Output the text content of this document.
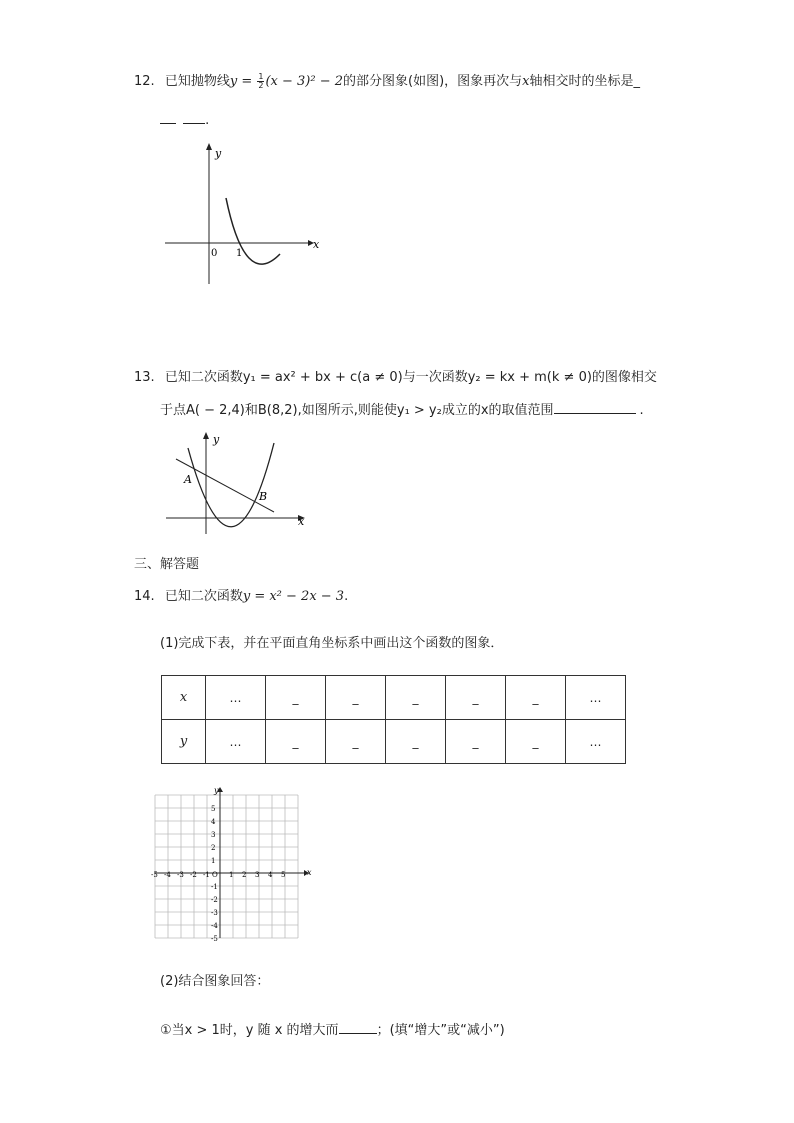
12. 已知抛物线$y = \frac{1}{2} (x - 3)^2 - 2$的部分图象(如图)，图象再次与x轴相交时的坐标是_
.
y
x
0 1
13. 已知二次函数y₁ = ax² + bx + c(a ≠ 0)与一次函数y₂ = kx + m(k ≠ 0)的图像相交
于点A( − 2,4)和B(8,2),如图所示,则能使y₁ > y₂成立的x的取值范围	.
y
x
A
B
三、解答题
14. 已知二次函数y = x² − 2x − 3.
(1)完成下表，并在平面直角坐标系中画出这个函数的图象．
x	…	_	_	_	_	_	…
y	…	_	_	_	_	_	…
-5 -4 -3 -2 -1 O 1 2 3 4 5
5
4
3
2
1
-1
-2
-3
-4
-5
x
y
(2)结合图象回答：
①当x > 1时，y 随 x 的增大而	；(填“增大”或“减小”)
